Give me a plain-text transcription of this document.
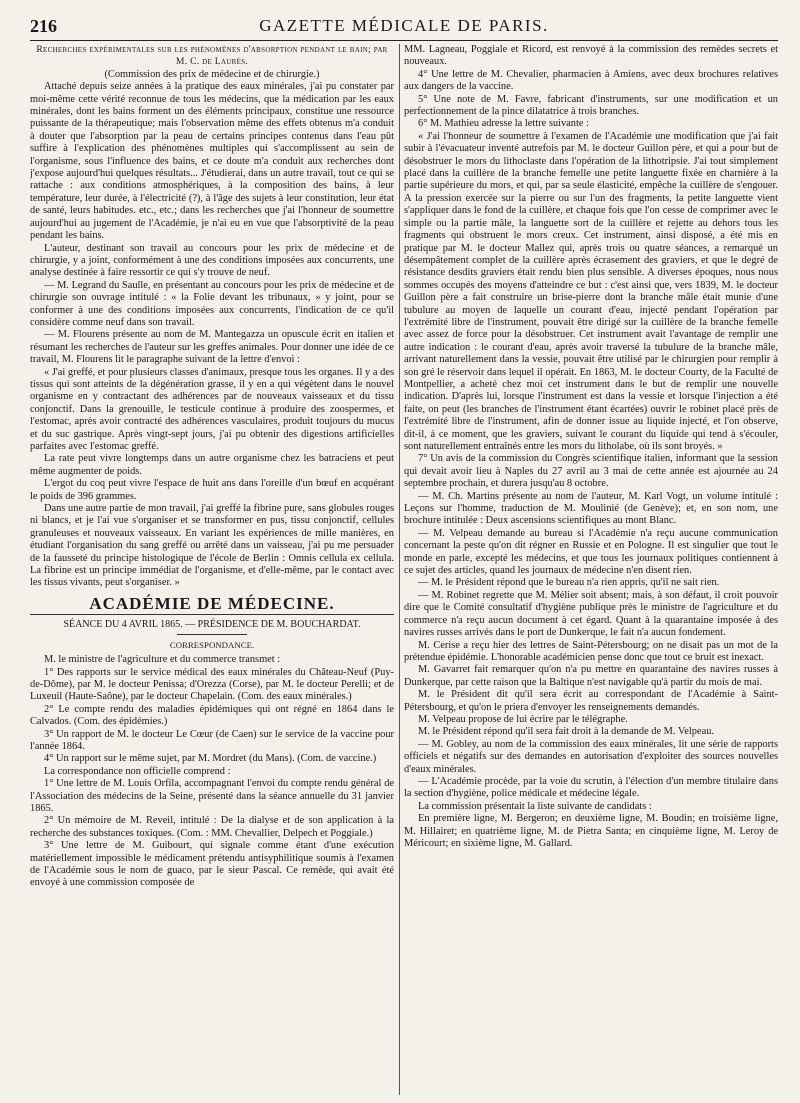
216	GAZETTE MÉDICALE DE PARIS.

Recherches expérimentales sur les phénomènes d'absorption pendant le bain; par M. C. de Laurès.

(Commission des prix de médecine et de chirurgie.)

Attaché depuis seize années à la pratique des eaux minérales, j'ai pu constater par moi-même cette vérité reconnue de tous les médecins, que la médication par les eaux minérales, dont les bains forment un des éléments principaux, constitue une ressource puissante de la thérapeutique; mais l'observation même des effets obtenus m'a conduit à douter que l'absorption par la peau de certains principes contenus dans l'eau pût suffire à l'explication des phénomènes multiples qui s'accomplissent au sein de l'organisme, sous l'influence des bains, et ce doute m'a conduit aux recherches dont j'expose aujourd'hui quelques résultats... J'étudierai, dans un autre travail, tout ce qui se rattache : aux conditions atmosphériques, à la composition des bains, à leur température, leur durée, à l'électricité (?), à l'âge des sujets à leur constitution, leur état de santé, leurs habitudes. etc., etc.; dans les recherches que j'ai l'honneur de soumettre aujourd'hui au jugement de l'Académie, je n'ai eu en vue que l'absorptivité de la peau pendant les bains.

L'auteur, destinant son travail au concours pour les prix de médecine et de chirurgie, y a joint, conformément à une des conditions imposées aux concurrents, une analyse destinée à faire ressortir ce qui s'y trouve de neuf.

— M. Legrand du Saulle, en présentant au concours pour les prix de médecine et de chirurgie son ouvrage intitulé : « la Folie devant les tribunaux, » y joint, pour se conformer à une des conditions imposées aux concurrents, l'indication de ce qu'il considère comme neuf dans son travail.

— M. Flourens présente au nom de M. Mantegazza un opuscule écrit en italien et résumant les recherches de l'auteur sur les greffes animales. Pour donner une idée de ce travail, M. Flourens lit le paragraphe suivant de la lettre d'envoi :

« J'ai greffé, et pour plusieurs classes d'animaux, presque tous les organes. Il y a des tissus qui sont atteints de la dégénération grasse, il y en a qui végètent dans le nouvel organisme en y contractant des adhérences par de nouveaux vaisseaux et du tissu conjonctif. Dans la grenouille, le testicule continue à produire des zoospermes, et l'estomac, après avoir contracté des adhérences vasculaires, produit toujours du mucus et du suc gastrique. Après vingt-sept jours, j'ai pu obtenir des digestions artificielles parfaites avec l'estomac greffé.

La rate peut vivre longtemps dans un autre organisme chez les batraciens et peut même augmenter de poids.

L'ergot du coq peut vivre l'espace de huit ans dans l'oreille d'un bœuf en acquérant le poids de 396 grammes.

Dans une autre partie de mon travail, j'ai greffé la fibrine pure, sans globules rouges ni blancs, et je l'ai vue s'organiser et se transformer en pus, tissu conjonctif, cellules granuleuses et nouveaux vaisseaux. En variant les expériences de mille manières, en étudiant l'organisation du sang greffé ou arrêté dans un vaisseau, j'ai pu me persuader de la fausseté du principe histologique de l'école de Berlin : Omnis cellula ex cellula. La fibrine est un principe immédiat de l'organisme, et d'elle-même, par le contact avec les tissus vivants, peut s'organiser. »

ACADÉMIE DE MÉDECINE.
SÉANCE DU 4 AVRIL 1865. — PRÉSIDENCE DE M. BOUCHARDAT.
CORRESPONDANCE.

M. le ministre de l'agriculture et du commerce transmet :

1° Des rapports sur le service médical des eaux minérales du Château-Neuf (Puy-de-Dôme), par M. le docteur Penissa; d'Orezza (Corse), par M. le docteur Perelli; et de Luxeuil (Haute-Saône), par le docteur Chapelain. (Com. des eaux minérales.)

2° Le compte rendu des maladies épidémiques qui ont régné en 1864 dans le Calvados. (Com. des épidémies.)

3° Un rapport de M. le docteur Le Cœur (de Caen) sur le service de la vaccine pour l'année 1864.

4° Un rapport sur le même sujet, par M. Mordret (du Mans). (Com. de vaccine.)

La correspondance non officielle comprend :

1° Une lettre de M. Louis Orfila, accompagnant l'envoi du compte rendu général de l'Association des médecins de la Seine, présenté dans la séance annuelle du 31 janvier 1865.

2° Un mémoire de M. Reveil, intitulé : De la dialyse et de son application à la recherche des substances toxiques. (Com. : MM. Chevallier, Delpech et Poggiale.)

3° Une lettre de M. Guibourt, qui signale comme étant d'une exécution matériellement impossible le médicament prétendu antisyphilitique soumis à l'examen de l'Académie sous le nom de guaco, par le sieur Pascal. Ce remède, qui avait été envoyé à une commission composée de

MM. Lagneau, Poggiale et Ricord, est renvoyé à la commission des remèdes secrets et nouveaux.

4° Une lettre de M. Chevalier, pharmacien à Amiens, avec deux brochures relatives aux dangers de la vaccine.

5° Une note de M. Favre, fabricant d'instruments, sur une modification et un perfectionnement de la pince dilatatrice à trois branches.

6° M. Mathieu adresse la lettre suivante :

« J'ai l'honneur de soumettre à l'examen de l'Académie une modification que j'ai fait subir à l'évacuateur inventé autrefois par M. le docteur Guillon père, et qui a pour but de désobstruer le mors du lithoclaste dans l'opération de la lithotripsie. J'ai tout simplement placé dans la cuillère de la branche femelle une petite languette fixée en charnière à la partie supérieure du mors, et qui, par sa seule élasticité, empêche la cuillère de s'engouer. A la pression exercée sur la pierre ou sur l'un des fragments, la petite languette vient s'appliquer dans le fond de la cuillère, et chaque fois que l'on cesse de comprimer avec le simple ou la partie mâle, la languette sort de la cuillère et rejette au dehors tous les fragments qui obstruent le mors creux. Cet instrument, ainsi disposé, a été mis en pratique par M. le docteur Mallez qui, après trois ou quatre séances, a remarqué un désempâtement complet de la cuillère après écrasement des graviers, et que le degré de résistance desdits graviers était rendu bien plus sensible. A diverses époques, nous nous sommes occupés des moyens d'atteindre ce but : c'est ainsi que, vers 1839, M. le docteur Guillon père a fait construire un brise-pierre dont la branche mâle était munie d'une tubulure au moyen de laquelle un courant d'eau, injecté pendant l'opération par l'extrémité libre de l'instrument, pouvait être dirigé sur la cuillère de la branche femelle avec assez de force pour la désobstruer. Cet instrument avait l'avantage de remplir une autre indication : le courant d'eau, après avoir traversé la tubulure de la branche mâle, arrivant naturellement dans la vessie, pouvait être utilisé par le chirurgien pour remplir à son gré le réservoir dans lequel il opérait. En 1863, M. le docteur Courty, de la Faculté de Montpellier, a acheté chez moi cet instrument dans le but de remplir une nouvelle indication. D'après lui, lorsque l'instrument est dans la vessie et lorsque l'injection a été faite, on peut (les branches de l'instrument étant écartées) ouvrir le robinet placé près de l'extrémité libre de l'instrument, afin de donner issue au liquide injecté, et l'on observe, dit-il, à ce moment, que les graviers, suivant le courant du liquide qui tend à s'écouler, sont naturellement entraînés entre les mors du litholabe, où ils sont broyés. »

7° Un avis de la commission du Congrès scientifique italien, informant que la session qui devait avoir lieu à Naples du 27 avril au 3 mai de cette année est ajournée au 24 septembre prochain, et durera jusqu'au 8 octobre.

— M. Ch. Martins présente au nom de l'auteur, M. Karl Vogt, un volume intitulé : Leçons sur l'homme, traduction de M. Moulinié (de Genève); et, en son nom, une brochure intitulée : Deux ascensions scientifiques au mont Blanc.

— M. Velpeau demande au bureau si l'Académie n'a reçu aucune communication concernant la peste qu'on dit régner en Russie et en Pologne. Il est singulier que tout le monde en parle, excepté les médecins, et que tous les journaux politiques contiennent à ce sujet des articles, quand les journaux de médecine n'en disent rien.

— M. le Président répond que le bureau n'a rien appris, qu'il ne sait rien.

— M. Robinet regrette que M. Mélier soit absent; mais, à son défaut, il croit pouvoir dire que le Comité consultatif d'hygiène publique près le ministre de l'agriculture et du commerce n'a reçu aucun document à cet égard. Quant à la quarantaine imposée à des navires russes arrivés dans le port de Dunkerque, le fait n'a aucun fondement.

M. Cerise a reçu hier des lettres de Saint-Pétersbourg; on ne disait pas un mot de la prétendue épidémie. L'honorable académicien pense donc que tout ce bruit est inexact.

M. Gavarret fait remarquer qu'on n'a pu mettre en quarantaine des navires russes à Dunkerque, par cette raison que la Baltique n'est navigable qu'à partir du mois de mai.

M. le Président dit qu'il sera écrit au correspondant de l'Académie à Saint-Pétersbourg, et qu'on le priera d'envoyer les renseignements demandés.

M. Velpeau propose de lui écrire par le télégraphe.

M. le Président répond qu'il sera fait droit à la demande de M. Velpeau.

— M. Gobley, au nom de la commission des eaux minérales, lit une série de rapports officiels et négatifs sur des demandes en autorisation d'exploiter des sources nouvelles d'eaux minérales.

— L'Académie procède, par la voie du scrutin, à l'élection d'un membre titulaire dans la section d'hygiène, police médicale et médecine légale.

La commission présentait la liste suivante de candidats :

En première ligne, M. Bergeron; en deuxième ligne, M. Boudin; en troisième ligne, M. Hillairet; en quatrième ligne, M. de Pietra Santa; en cinquième ligne, M. Leroy de Méricourt; en sixième ligne, M. Gallard.
